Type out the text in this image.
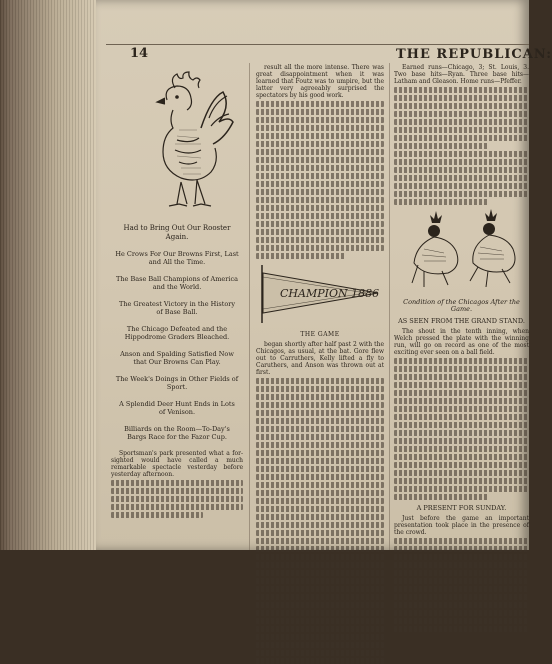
14	THE REPUBLICAN:
Had to Bring Out Our Rooster Again.
He Crows For Our Browns First, Last and All the Time.
The Base Ball Champions of America and the World.
The Greatest Victory in the History of Base Ball.
The Chicago Defeated and the Hippodrome Graders Bleached.
Anson and Spalding Satisfied Now that Our Browns Can Play.
The Week's Doings in Other Fields of Sport.
A Splendid Deer Hunt Ends in Lots of Venison.
Billiards on the Room—To-Day's Bargs Race for the Fazor Cup.

Sportsman's park presented what a for-sighted would have called a much remarkable spectacle vesterday before yesterday afternoon.

result all the more intense. There was great disappointment when it was learned that Foutz was to umpire, but the latter very agreeably surprised the spectators by his good work.

CHAMPION 1886
THE GAME

began shortly after half past 2 with the Chicagos, as usual, at the bat. Gore flew out to Carruthers, Kelly lifted a fly to Caruthers, and Anson was thrown out at first.

Earned runs—Chicago, 3; St. Louis, 3. Two base hits—Ryan. Three base hits—Latham and Gleason. Home runs—Pfeffer.

Condition of the Chicagos After the Game.
AS SEEN FROM THE GRAND STAND.

The shout in the tenth inning, when Welch pressed the plate with the winning run, will go on record as one of the most exciting ever seen on a ball field.

A PRESENT FOR SUNDAY.

Just before the game an important presentation took place in the presence of the crowd.
